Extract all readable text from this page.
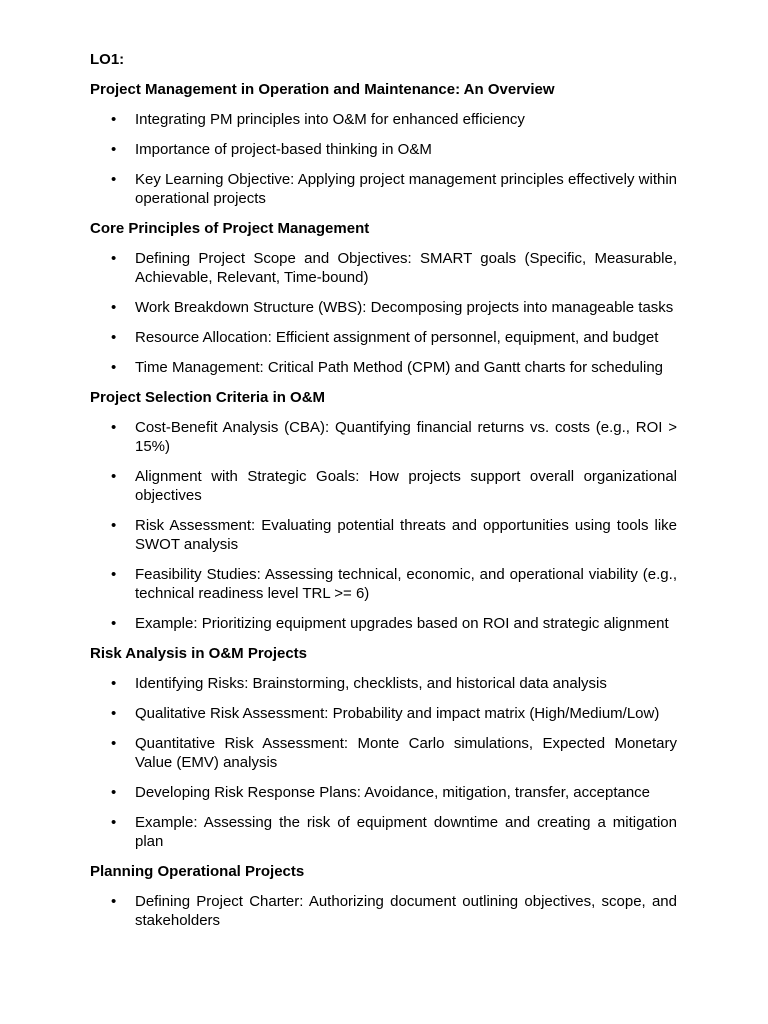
LO1:
Project Management in Operation and Maintenance: An Overview
• Integrating PM principles into O&M for enhanced efficiency
• Importance of project-based thinking in O&M
• Key Learning Objective: Applying project management principles effectively within operational projects
Core Principles of Project Management
• Defining Project Scope and Objectives: SMART goals (Specific, Measurable, Achievable, Relevant, Time-bound)
• Work Breakdown Structure (WBS): Decomposing projects into manageable tasks
• Resource Allocation: Efficient assignment of personnel, equipment, and budget
• Time Management: Critical Path Method (CPM) and Gantt charts for scheduling
Project Selection Criteria in O&M
• Cost-Benefit Analysis (CBA): Quantifying financial returns vs. costs (e.g., ROI > 15%)
• Alignment with Strategic Goals: How projects support overall organizational objectives
• Risk Assessment: Evaluating potential threats and opportunities using tools like SWOT analysis
• Feasibility Studies: Assessing technical, economic, and operational viability (e.g., technical readiness level TRL >= 6)
• Example: Prioritizing equipment upgrades based on ROI and strategic alignment
Risk Analysis in O&M Projects
• Identifying Risks: Brainstorming, checklists, and historical data analysis
• Qualitative Risk Assessment: Probability and impact matrix (High/Medium/Low)
• Quantitative Risk Assessment: Monte Carlo simulations, Expected Monetary Value (EMV) analysis
• Developing Risk Response Plans: Avoidance, mitigation, transfer, acceptance
• Example: Assessing the risk of equipment downtime and creating a mitigation plan
Planning Operational Projects
• Defining Project Charter: Authorizing document outlining objectives, scope, and stakeholders
